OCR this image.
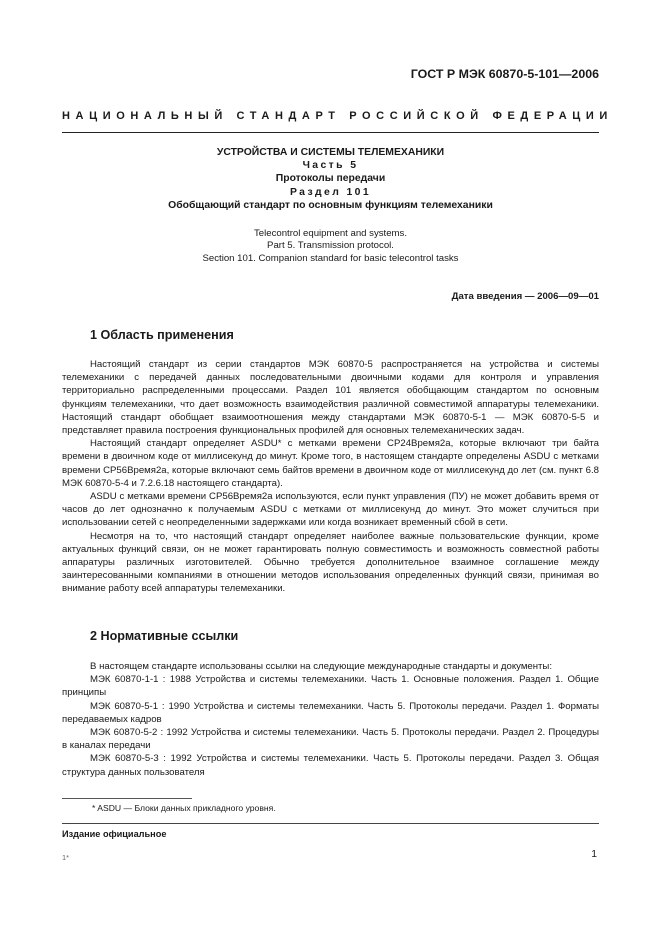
ГОСТ Р МЭК 60870-5-101—2006
НАЦИОНАЛЬНЫЙ СТАНДАРТ РОССИЙСКОЙ ФЕДЕРАЦИИ
УСТРОЙСТВА И СИСТЕМЫ ТЕЛЕМЕХАНИКИ
Часть 5
Протоколы передачи
Раздел 101
Обобщающий стандарт по основным функциям телемеханики
Telecontrol equipment and systems.
Part 5. Transmission protocol.
Section 101. Companion standard for basic telecontrol tasks
Дата введения — 2006—09—01
1 Область применения

Настоящий стандарт из серии стандартов МЭК 60870-5 распространяется на устройства и системы телемеханики с передачей данных последовательными двоичными кодами для контроля и управления территориально распределенными процессами. Раздел 101 является обобщающим стандартом по основным функциям телемеханики, что дает возможность взаимодействия различной совместимой аппаратуры телемеханики. Настоящий стандарт обобщает взаимоотношения между стандартами МЭК 60870-5-1 — МЭК 60870-5-5 и представляет правила построения функциональных профилей для основных телемеханических задач.

Настоящий стандарт определяет ASDU* с метками времени CP24Время2а, которые включают три байта времени в двоичном коде от миллисекунд до минут. Кроме того, в настоящем стандарте определены ASDU с метками времени CP56Время2а, которые включают семь байтов времени в двоичном коде от миллисекунд до лет (см. пункт 6.8 МЭК 60870-5-4 и 7.2.6.18 настоящего стандарта).

ASDU с метками времени CP56Время2а используются, если пункт управления (ПУ) не может добавить время от часов до лет однозначно к получаемым ASDU с метками от миллисекунд до минут. Это может случиться при использовании сетей с неопределенными задержками или когда возникает временный сбой в сети.

Несмотря на то, что настоящий стандарт определяет наиболее важные пользовательские функции, кроме актуальных функций связи, он не может гарантировать полную совместимость и возможность совместной работы аппаратуры различных изготовителей. Обычно требуется дополнительное взаимное соглашение между заинтересованными компаниями в отношении методов использования определенных функций связи, принимая во внимание работу всей аппаратуры телемеханики.

2 Нормативные ссылки

В настоящем стандарте использованы ссылки на следующие международные стандарты и документы:

МЭК 60870-1-1 : 1988 Устройства и системы телемеханики. Часть 1. Основные положения. Раздел 1. Общие принципы

МЭК 60870-5-1 : 1990 Устройства и системы телемеханики. Часть 5. Протоколы передачи. Раздел 1. Форматы передаваемых кадров

МЭК 60870-5-2 : 1992 Устройства и системы телемеханики. Часть 5. Протоколы передачи. Раздел 2. Процедуры в каналах передачи

МЭК 60870-5-3 : 1992 Устройства и системы телемеханики. Часть 5. Протоколы передачи. Раздел 3. Общая структура данных пользователя

* ASDU — Блоки данных прикладного уровня.
Издание официальное
1*	1
